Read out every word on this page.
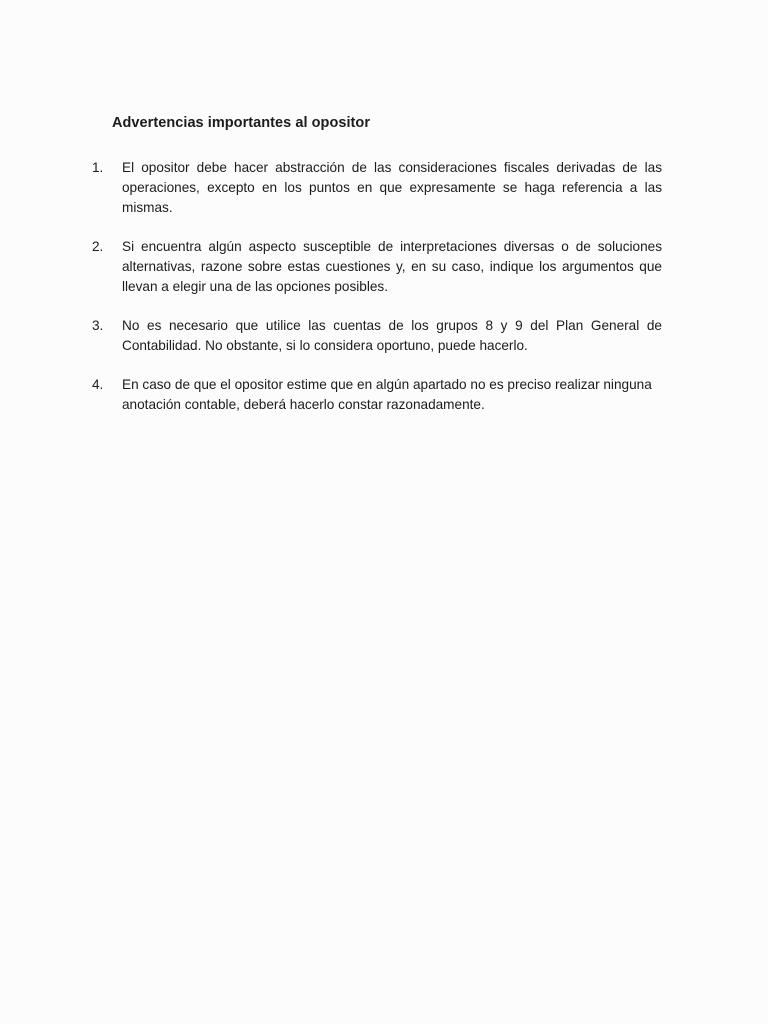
Advertencias importantes al opositor
1. El opositor debe hacer abstracción de las consideraciones fiscales derivadas de las operaciones, excepto en los puntos en que expresamente se haga referencia a las mismas.

2. Si encuentra algún aspecto susceptible de interpretaciones diversas o de soluciones alternativas, razone sobre estas cuestiones y, en su caso, indique los argumentos que llevan a elegir una de las opciones posibles.

3. No es necesario que utilice las cuentas de los grupos 8 y 9 del Plan General de Contabilidad. No obstante, si lo considera oportuno, puede hacerlo.

4. En caso de que el opositor estime que en algún apartado no es preciso realizar ninguna anotación contable, deberá hacerlo constar razonadamente.
